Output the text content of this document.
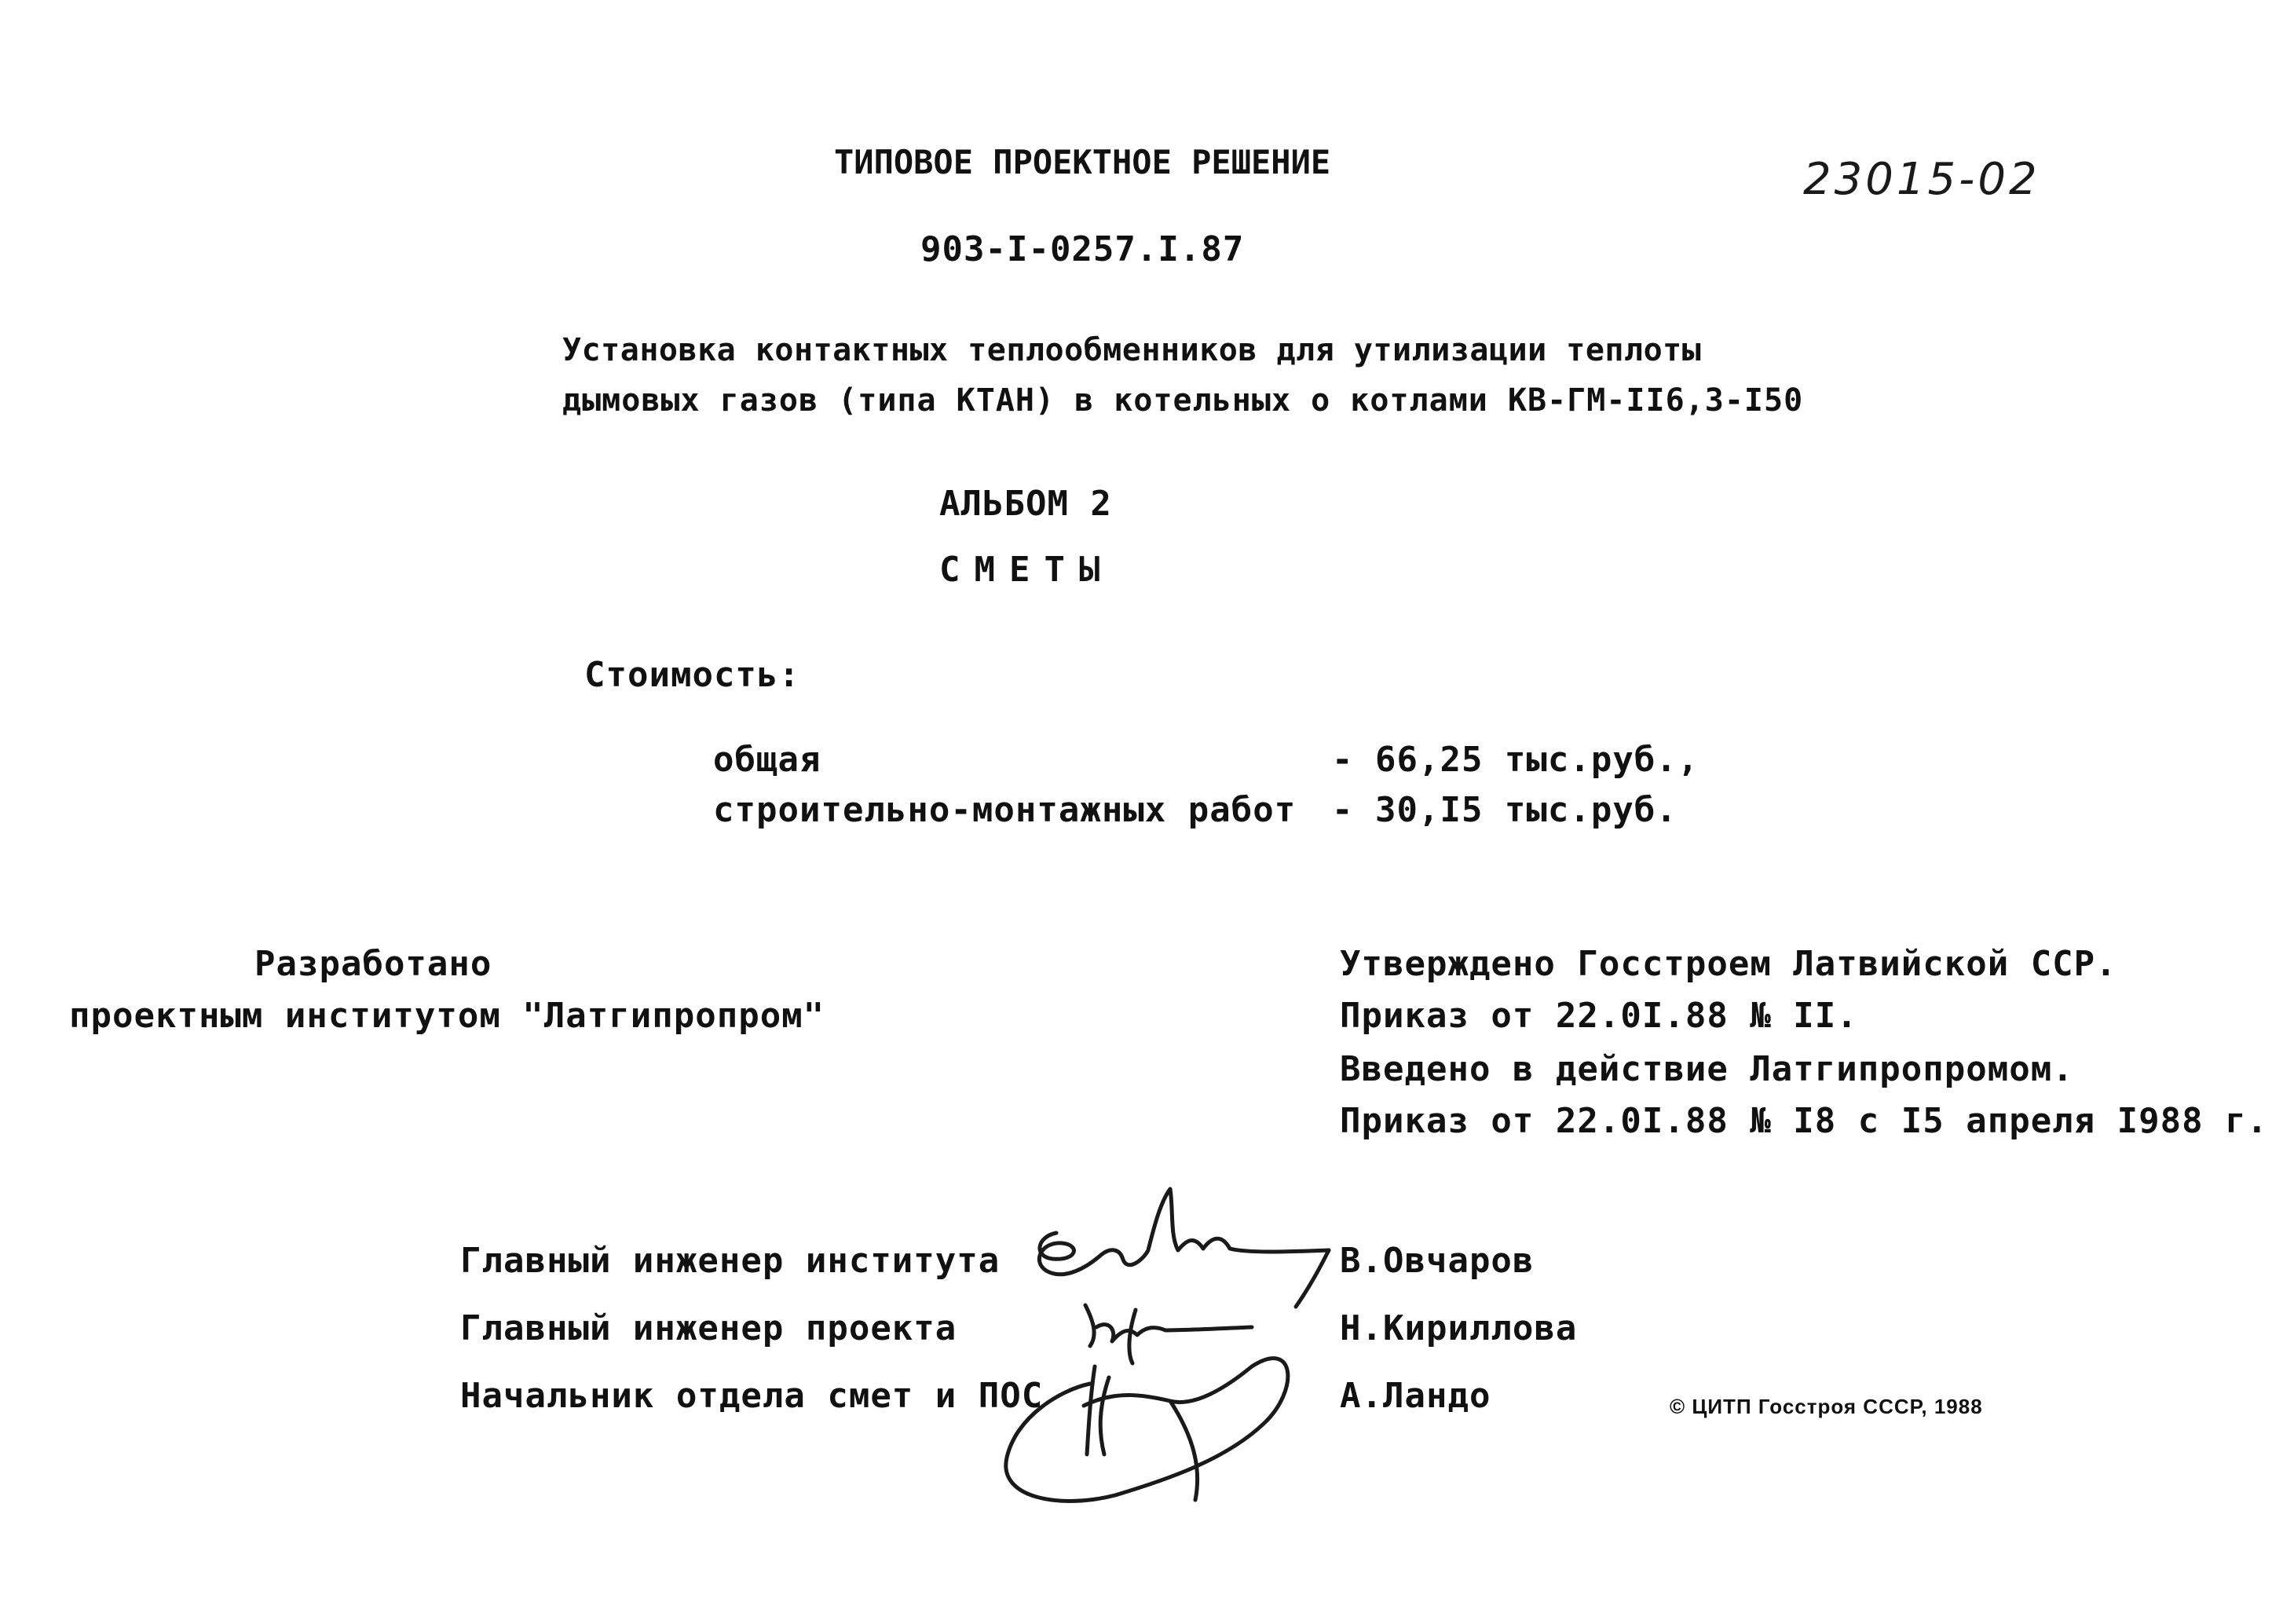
ТИПОВОЕ ПРОЕКТНОЕ РЕШЕНИЕ	23015-02
903-I-0257.I.87
Установка контактных теплообменников для утилизации теплоты
дымовых газов (типа КТАН) в котельных о котлами КВ-ГМ-II6,3-I50
АЛЬБОМ 2
СМЕТЫ
Стоимость:
общая	- 66,25 тыс.руб.,
строительно-монтажных работ - 30,I5 тыс.руб.
Разработано
проектным институтом "Латгипропром"
Утверждено Госстроем Латвийской ССР.
Приказ от 22.0I.88 № II.
Введено в действие Латгипропромом.
Приказ от 22.0I.88 № I8 с I5 апреля I988 г.
Главный инженер института	В.Овчаров
Главный инженер проекта	Н.Кириллова
Начальник отдела смет и ПОС	А.Ландо	© ЦИТП Госстроя СССР, 1988
